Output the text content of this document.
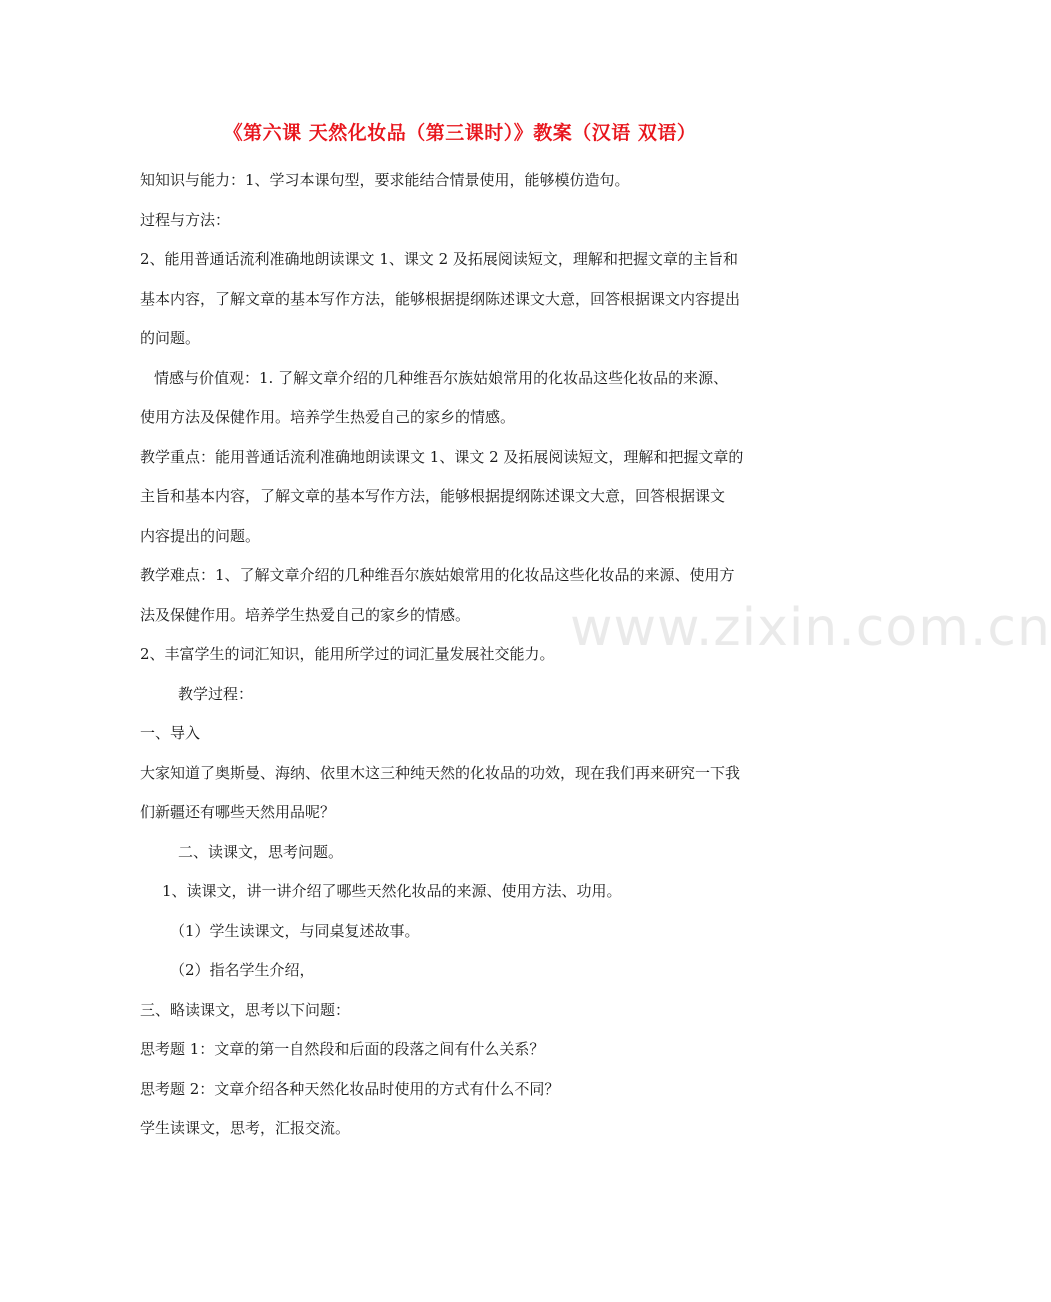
《第六课 天然化妆品（第三课时）》教案（汉语 双语）

知知识与能力：1、学习本课句型，要求能结合情景使用，能够模仿造句。

过程与方法：

2、能用普通话流利准确地朗读课文 1、课文 2 及拓展阅读短文，理解和把握文章的主旨和

基本内容，了解文章的基本写作方法，能够根据提纲陈述课文大意，回答根据课文内容提出

的问题。

情感与价值观：1. 了解文章介绍的几种维吾尔族姑娘常用的化妆品这些化妆品的来源、

使用方法及保健作用。培养学生热爱自己的家乡的情感。

教学重点：能用普通话流利准确地朗读课文 1、课文 2 及拓展阅读短文，理解和把握文章的

主旨和基本内容，了解文章的基本写作方法，能够根据提纲陈述课文大意，回答根据课文

内容提出的问题。

教学难点：1、了解文章介绍的几种维吾尔族姑娘常用的化妆品这些化妆品的来源、使用方

法及保健作用。培养学生热爱自己的家乡的情感。

2、丰富学生的词汇知识，能用所学过的词汇量发展社交能力。

教学过程：

一、导入

大家知道了奥斯曼、海纳、依里木这三种纯天然的化妆品的功效，现在我们再来研究一下我

们新疆还有哪些天然用品呢？

二、读课文，思考问题。

1、读课文，讲一讲介绍了哪些天然化妆品的来源、使用方法、功用。

（1）学生读课文，与同桌复述故事。

（2）指名学生介绍，

三、略读课文，思考以下问题：

思考题 1：文章的第一自然段和后面的段落之间有什么关系？

思考题 2：文章介绍各种天然化妆品时使用的方式有什么不同？

学生读课文，思考，汇报交流。

www.zixin.com.cn
